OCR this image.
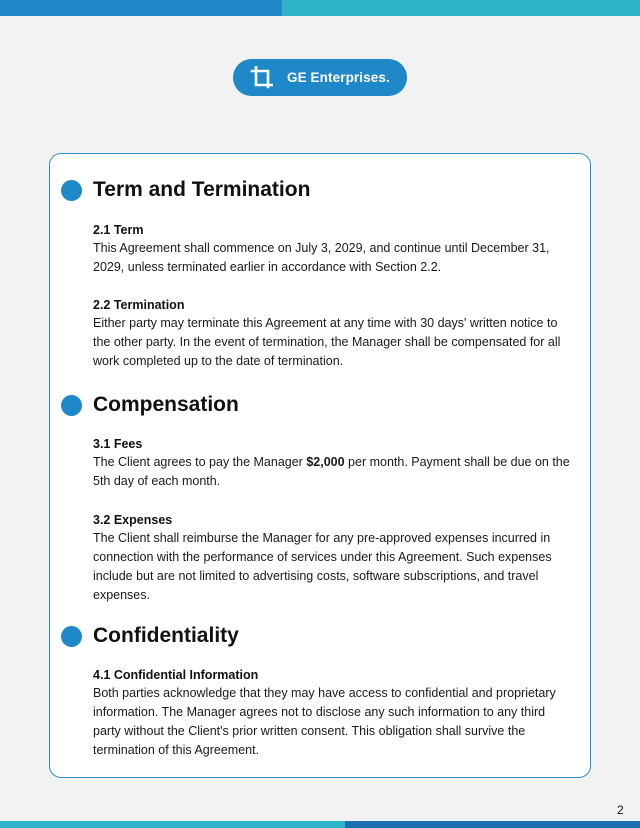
GE Enterprises.
Term and Termination

2.1 Term

This Agreement shall commence on July 3, 2029, and continue until December 31, 2029, unless terminated earlier in accordance with Section 2.2.

2.2 Termination

Either party may terminate this Agreement at any time with 30 days' written notice to the other party. In the event of termination, the Manager shall be compensated for all work completed up to the date of termination.

Compensation

3.1 Fees

The Client agrees to pay the Manager $2,000 per month. Payment shall be due on the 5th day of each month.

3.2 Expenses

The Client shall reimburse the Manager for any pre-approved expenses incurred in connection with the performance of services under this Agreement. Such expenses include but are not limited to advertising costs, software subscriptions, and travel expenses.

Confidentiality

4.1 Confidential Information

Both parties acknowledge that they may have access to confidential and proprietary information. The Manager agrees not to disclose any such information to any third party without the Client's prior written consent. This obligation shall survive the termination of this Agreement.

2
